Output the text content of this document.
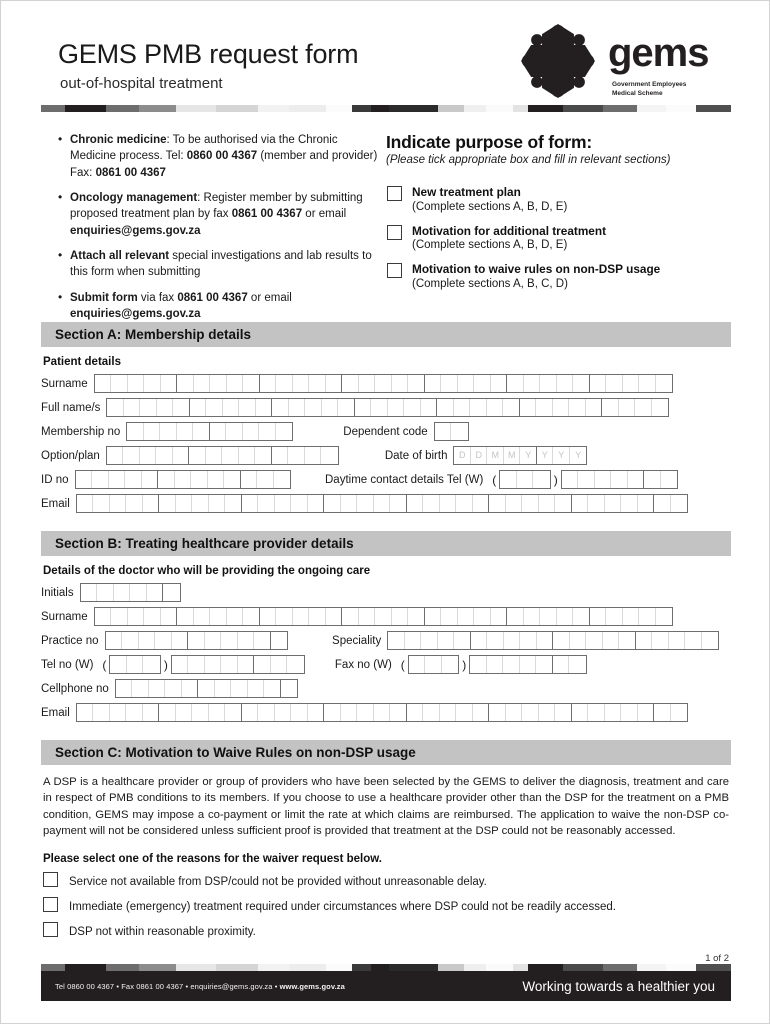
GEMS PMB request form
out-of-hospital treatment
gems
Government Employees
Medical Scheme
• Chronic medicine: To be authorised via the Chronic Medicine process. Tel: 0860 00 4367 (member and provider) Fax: 0861 00 4367
• Oncology management: Register member by submitting proposed treatment plan by fax 0861 00 4367 or email enquiries@gems.gov.za
• Attach all relevant special investigations and lab results to this form when submitting
• Submit form via fax 0861 00 4367 or email enquiries@gems.gov.za
Indicate purpose of form:
(Please tick appropriate box and fill in relevant sections)
New treatment plan
(Complete sections A, B, D, E)
Motivation for additional treatment
(Complete sections A, B, D, E)
Motivation to waive rules on non-DSP usage
(Complete sections A, B, C, D)
Section A: Membership details
Patient details
Surname
Full name/s
Membership no	Dependent code
Option/plan	Date of birth	D	D	M	M	Y	Y	Y	Y
ID no	Daytime contact details Tel (W) (	)
Email
Section B: Treating healthcare provider details
Details of the doctor who will be providing the ongoing care
Initials
Surname
Practice no	Speciality
Tel no (W) (	)	Fax no (W) (	)
Cellphone no
Email
Section C: Motivation to Waive Rules on non-DSP usage
A DSP is a healthcare provider or group of providers who have been selected by the GEMS to deliver the diagnosis, treatment and care in respect of PMB conditions to its members. If you choose to use a healthcare provider other than the DSP for the treatment on a PMB condition, GEMS may impose a co-payment or limit the rate at which claims are reimbursed. The application to waive the non-DSP co-payment will not be considered unless sufficient proof is provided that treatment at the DSP could not be reasonably accessed.
Please select one of the reasons for the waiver request below.
Service not available from DSP/could not be provided without unreasonable delay.
Immediate (emergency) treatment required under circumstances where DSP could not be readily accessed.
DSP not within reasonable proximity.
1 of 2
Tel 0860 00 4367 • Fax 0861 00 4367 • enquiries@gems.gov.za • www.gems.gov.za	Working towards a healthier you
